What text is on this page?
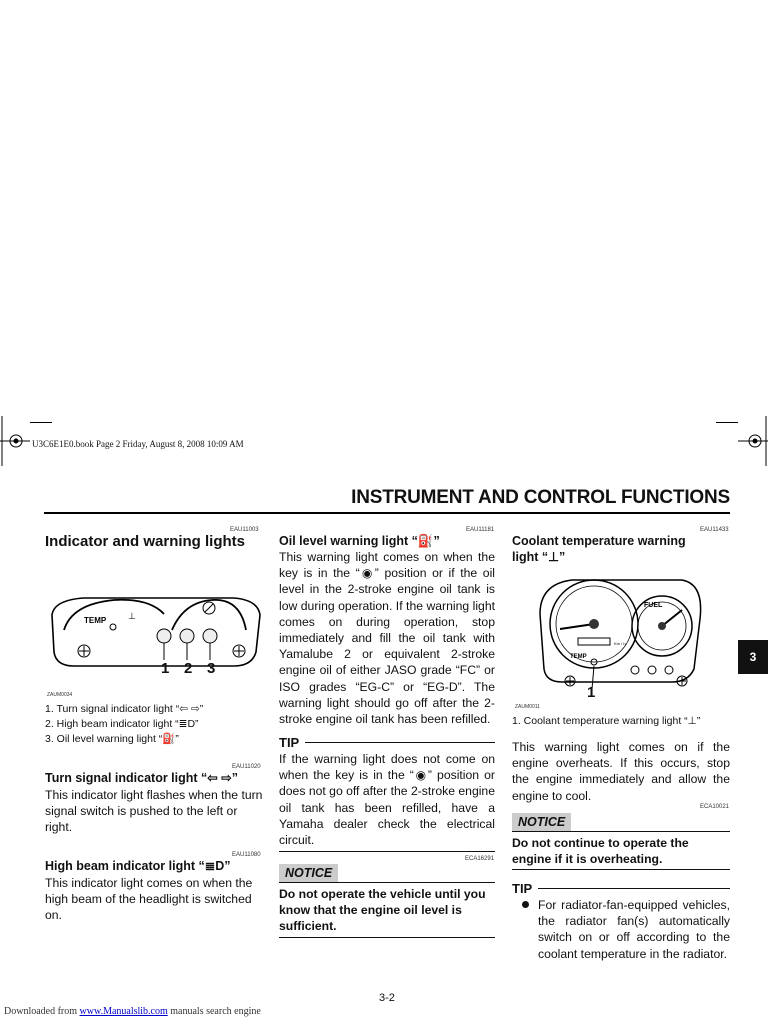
U3C6E1E0.book Page 2 Friday, August 8, 2008 10:09 AM
INSTRUMENT AND CONTROL FUNCTIONS
3
EAU11003
Indicator and warning lights
TEMP ⊥
1 2 3
ZAUM0034
1. Turn signal indicator light “⇦ ⇨”
2. High beam indicator light “≣D”
3. Oil level warning light “⛽”
EAU11020
Turn signal indicator light “⇦ ⇨”
This indicator light flashes when the turn signal switch is pushed to the left or right.
EAU11080
High beam indicator light “≣D”
This indicator light comes on when the high beam of the headlight is switched on.
EAU11181
Oil level warning light “⛽”
This warning light comes on when the key is in the “◉” position or if the oil level in the 2-stroke engine oil tank is low during operation. If the warning light comes on during operation, stop immediately and fill the oil tank with Yamalube 2 or equivalent 2-stroke engine oil of either JASO grade “FC” or ISO grades “EG-C” or “EG-D”. The warning light should go off after the 2-stroke engine oil tank has been refilled.
TIP
If the warning light does not come on when the key is in the “◉” position or does not go off after the 2-stroke engine oil tank has been refilled, have a Yamaha dealer check the electrical circuit.
ECA16291
NOTICE
Do not operate the vehicle until you know that the engine oil level is sufficient.
EAU11433
Coolant temperature warning light “⊥”
FUEL
Km / h
TEMP
1
ZAUM0011
1. Coolant temperature warning light “⊥”
This warning light comes on if the engine overheats. If this occurs, stop the engine immediately and allow the engine to cool.
ECA10021
NOTICE
Do not continue to operate the engine if it is overheating.
TIP
For radiator-fan-equipped vehicles, the radiator fan(s) automatically switch on or off according to the coolant temperature in the radiator.
3-2
Downloaded from www.Manualslib.com manuals search engine
